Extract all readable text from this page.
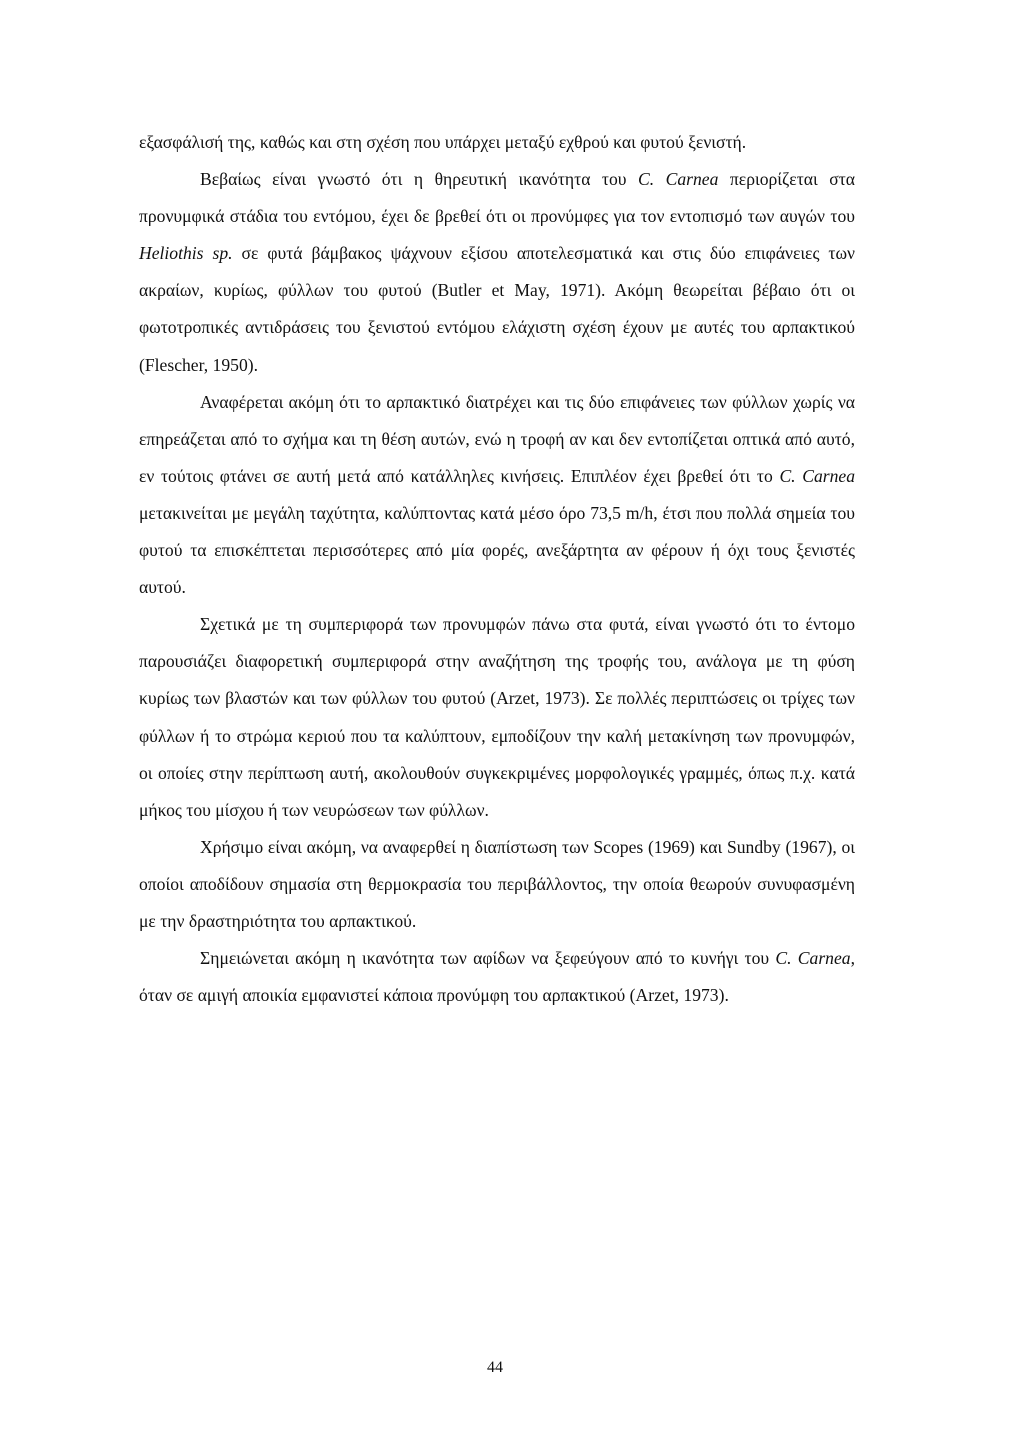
εξασφάλισή της, καθώς και στη σχέση που υπάρχει μεταξύ εχθρού και φυτού ξενιστή.

Βεβαίως είναι γνωστό ότι η θηρευτική ικανότητα του C. Carnea περιορίζεται στα προνυμφικά στάδια του εντόμου, έχει δε βρεθεί ότι οι προνύμφες για τον εντοπισμό των αυγών του Heliothis sp. σε φυτά βάμβακος ψάχνουν εξίσου αποτελεσματικά και στις δύο επιφάνειες των ακραίων, κυρίως, φύλλων του φυτού (Butler et May, 1971). Ακόμη θεωρείται βέβαιο ότι οι φωτοτροπικές αντιδράσεις του ξενιστού εντόμου ελάχιστη σχέση έχουν με αυτές του αρπακτικού (Flescher, 1950).

Αναφέρεται ακόμη ότι το αρπακτικό διατρέχει και τις δύο επιφάνειες των φύλλων χωρίς να επηρεάζεται από το σχήμα και τη θέση αυτών, ενώ η τροφή αν και δεν εντοπίζεται οπτικά από αυτό, εν τούτοις φτάνει σε αυτή μετά από κατάλληλες κινήσεις. Επιπλέον έχει βρεθεί ότι το C. Carnea μετακινείται με μεγάλη ταχύτητα, καλύπτοντας κατά μέσο όρο 73,5 m/h, έτσι που πολλά σημεία του φυτού τα επισκέπτεται περισσότερες από μία φορές, ανεξάρτητα αν φέρουν ή όχι τους ξενιστές αυτού.

Σχετικά με τη συμπεριφορά των προνυμφών πάνω στα φυτά, είναι γνωστό ότι το έντομο παρουσιάζει διαφορετική συμπεριφορά στην αναζήτηση της τροφής του, ανάλογα με τη φύση κυρίως των βλαστών και των φύλλων του φυτού (Arzet, 1973). Σε πολλές περιπτώσεις οι τρίχες των φύλλων ή το στρώμα κεριού που τα καλύπτουν, εμποδίζουν την καλή μετακίνηση των προνυμφών, οι οποίες στην περίπτωση αυτή, ακολουθούν συγκεκριμένες μορφολογικές γραμμές, όπως π.χ. κατά μήκος του μίσχου ή των νευρώσεων των φύλλων.

Χρήσιμο είναι ακόμη, να αναφερθεί η διαπίστωση των Scopes (1969) και Sundby (1967), οι οποίοι αποδίδουν σημασία στη θερμοκρασία του περιβάλλοντος, την οποία θεωρούν συνυφασμένη με την δραστηριότητα του αρπακτικού.

Σημειώνεται ακόμη η ικανότητα των αφίδων να ξεφεύγουν από το κυνήγι του C. Carnea, όταν σε αμιγή αποικία εμφανιστεί κάποια προνύμφη του αρπακτικού (Arzet, 1973).

44
